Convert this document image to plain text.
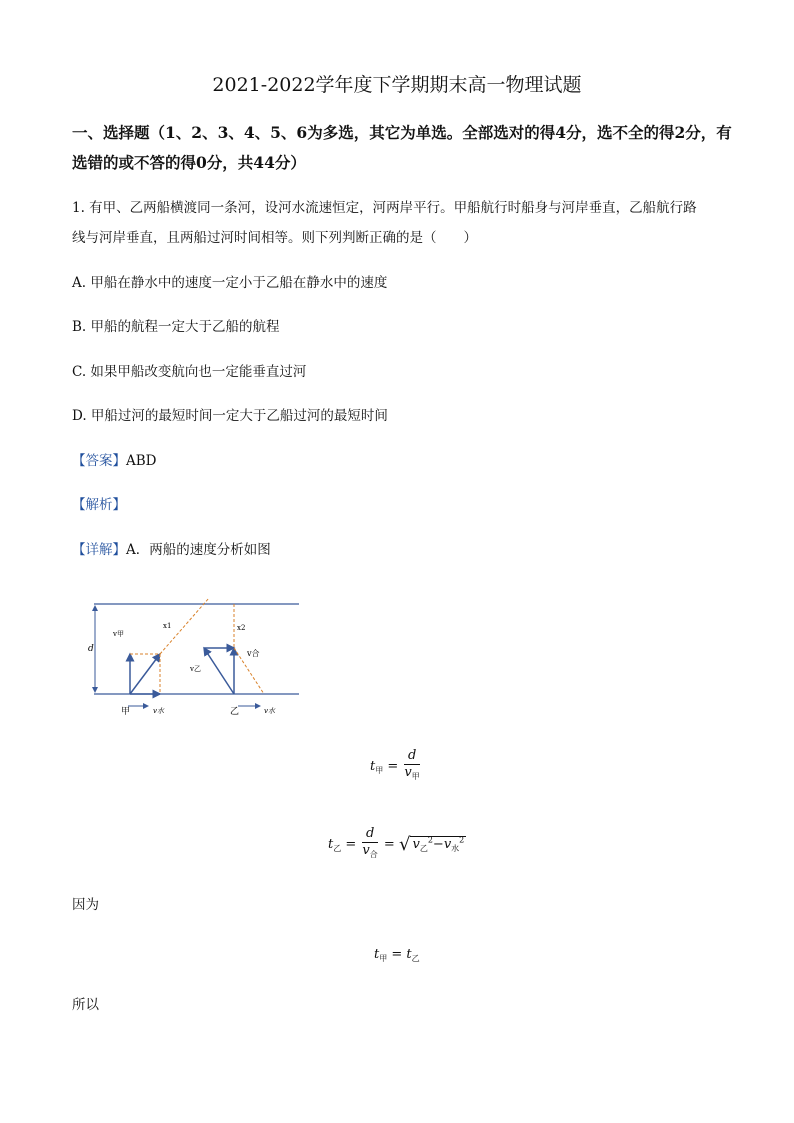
2021-2022学年度下学期期末高一物理试题
一、选择题（1、2、3、4、5、6为多选，其它为单选。全部选对的得4分，选不全的得2分，有选错的或不答的得0分，共44分）
1. 有甲、乙两船横渡同一条河，设河水流速恒定，河两岸平行。甲船航行时船身与河岸垂直，乙船航行路
线与河岸垂直，且两船过河时间相等。则下列判断正确的是（　　）
A. 甲船在静水中的速度一定小于乙船在静水中的速度
B. 甲船的航程一定大于乙船的航程
C. 如果甲船改变航向也一定能垂直过河
D. 甲船过河的最短时间一定大于乙船过河的最短时间
【答案】ABD
【解析】
【详解】A．两船的速度分析如图
d
v甲
x1
甲	v水
x2
v乙
v合
乙	v水
$t_甲 = \frac{d}{v_甲}$
$t_乙 = \frac{d}{v_合}$ = √ $v_乙^2-v_水^2$
因为
$t_甲 = t_乙$
所以
